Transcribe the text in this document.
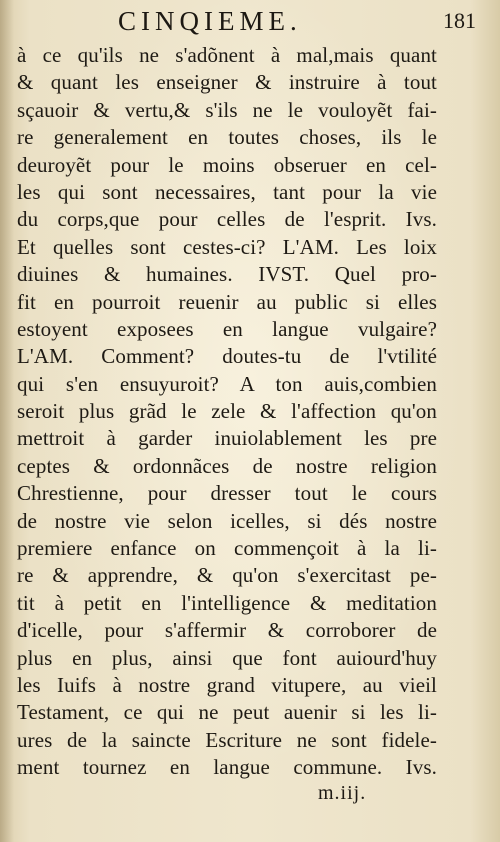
CINQIEME.	181
à ce qu'ils ne s'adõnent à mal,mais quant
& quant les enseigner & instruire à tout
sçauoir & vertu,& s'ils ne le vouloyẽt fai-
re generalement en toutes choses, ils le
deuroyẽt pour le moins obseruer en cel-
les qui sont necessaires, tant pour la vie
du corps,que pour celles de l'esprit. Ivs.
Et quelles sont cestes-ci? L'AM. Les loix
diuines & humaines. IVST. Quel pro-
fit en pourroit reuenir au public si elles
estoyent exposees en langue vulgaire?
L'AM. Comment? doutes-tu de l'vtilité
qui s'en ensuyuroit? A ton auis,combien
seroit plus grãd le zele & l'affection qu'on
mettroit à garder inuiolablement les pre
ceptes & ordonnãces de nostre religion
Chrestienne, pour dresser tout le cours
de nostre vie selon icelles, si dés nostre
premiere enfance on commençoit à la li-
re & apprendre, & qu'on s'exercitast pe-
tit à petit en l'intelligence & meditation
d'icelle, pour s'affermir & corroborer de
plus en plus, ainsi que font auiourd'huy
les Iuifs à nostre grand vitupere, au vieil
Testament, ce qui ne peut auenir si les li-
ures de la saincte Escriture ne sont fidele-
ment tournez en langue commune. Ivs.
m.iij.
